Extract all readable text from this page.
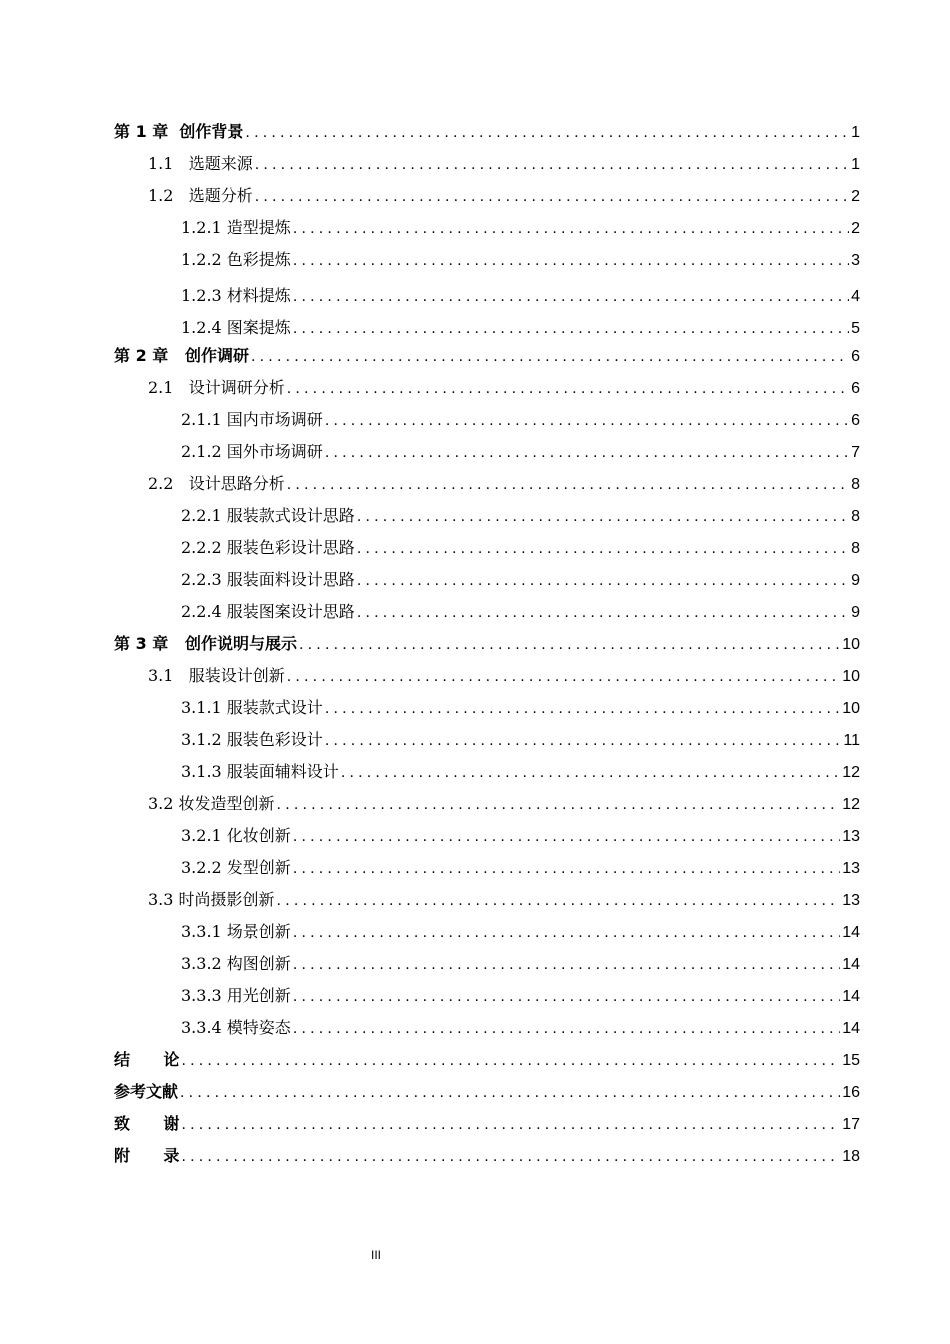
第 1 章  创作背景 .....	1
1.1   选题来源 .....	1
1.2   选题分析 .....	2
1.2.1 造型提炼 .....	2
1.2.2 色彩提炼 .....	3
1.2.3 材料提炼 .....	4
1.2.4 图案提炼 .....	5
第 2 章   创作调研 .....	6
2.1   设计调研分析 .....	6
2.1.1 国内市场调研 .....	6
2.1.2 国外市场调研 .....	7
2.2   设计思路分析 .....	8
2.2.1 服装款式设计思路 .....	8
2.2.2 服装色彩设计思路 .....	8
2.2.3 服装面料设计思路 .....	9
2.2.4 服装图案设计思路 .....	9
第 3 章   创作说明与展示 .....	10
3.1   服装设计创新 .....	10
3.1.1 服装款式设计 .....	10
3.1.2 服装色彩设计 .....	11
3.1.3 服装面辅料设计 .....	12
3.2 妆发造型创新 .....	12
3.2.1 化妆创新 .....	13
3.2.2 发型创新 .....	13
3.3 时尚摄影创新 .....	13
3.3.1 场景创新 .....	14
3.3.2 构图创新 .....	14
3.3.3 用光创新 .....	14
3.3.4 模特姿态 .....	14
结      论 .....	15
参考文献 .....	16
致      谢 .....	17
附      录 .....	18
III
